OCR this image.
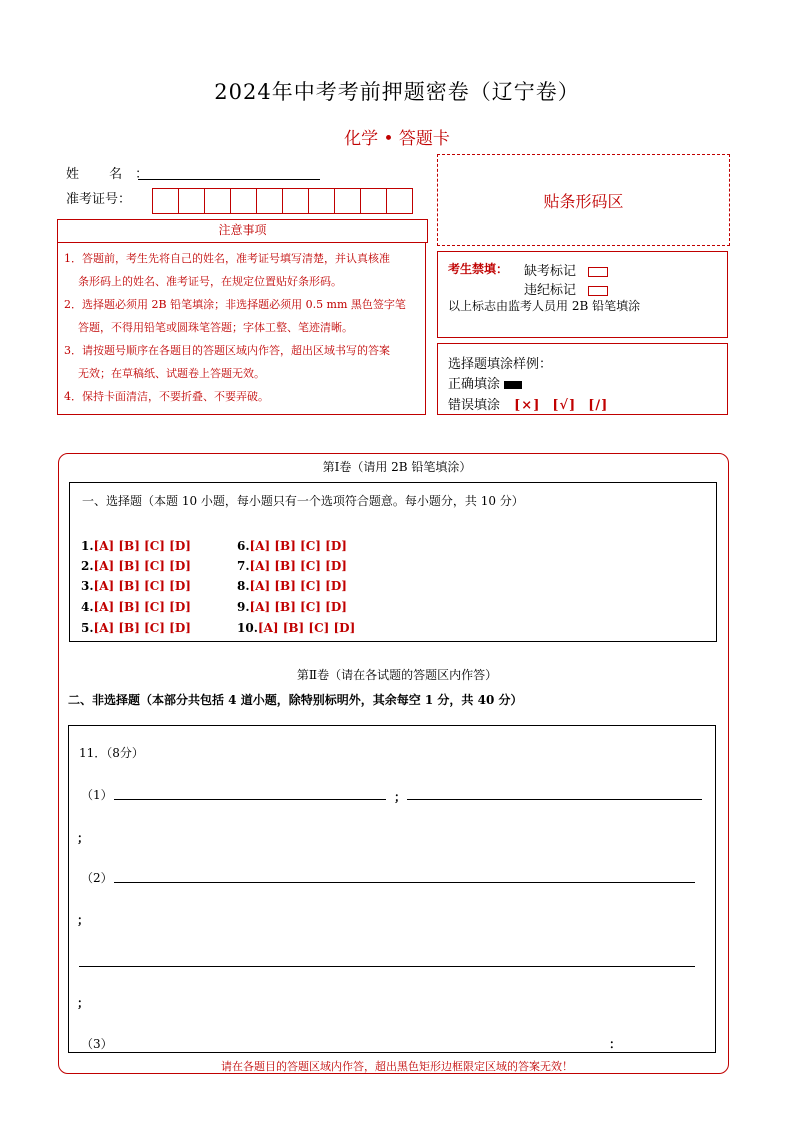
2024年中考考前押题密卷（辽宁卷）
化学 • 答题卡
姓 名：
准考证号：	贴条形码区
注意事项
1．答题前，考生先将自己的姓名，准考证号填写清楚，并认真核准
条形码上的姓名、准考证号，在规定位置贴好条形码。
2．选择题必须用 2B 铅笔填涂；非选择题必须用 0.5 mm 黑色签字笔
答题，不得用铅笔或圆珠笔答题；字体工整、笔迹清晰。
3．请按题号顺序在各题目的答题区域内作答，超出区域书写的答案
无效；在草稿纸、试题卷上答题无效。
4．保持卡面清洁，不要折叠、不要弄破。
考生禁填： 缺考标记
违纪标记
以上标志由监考人员用 2B 铅笔填涂
选择题填涂样例：
正确填涂
错误填涂 [×] [√] [/]
第Ⅰ卷（请用 2B 铅笔填涂）
一、选择题（本题 10 小题，每小题只有一个选项符合题意。每小题分，共 10 分）
1.[A] [B] [C] [D]
2.[A] [B] [C] [D]
3.[A] [B] [C] [D]
4.[A] [B] [C] [D]
5.[A] [B] [C] [D]
6.[A] [B] [C] [D]
7.[A] [B] [C] [D]
8.[A] [B] [C] [D]
9.[A] [B] [C] [D]
10.[A] [B] [C] [D]
第Ⅱ卷（请在各试题的答题区内作答）
二、非选择题（本部分共包括 4 道小题，除特别标明外，其余每空 1 分，共 40 分）
11．（8分）
（1）	；
；
（2）
；
；
（3）	：
请在各题目的答题区域内作答，超出黑色矩形边框限定区域的答案无效！
